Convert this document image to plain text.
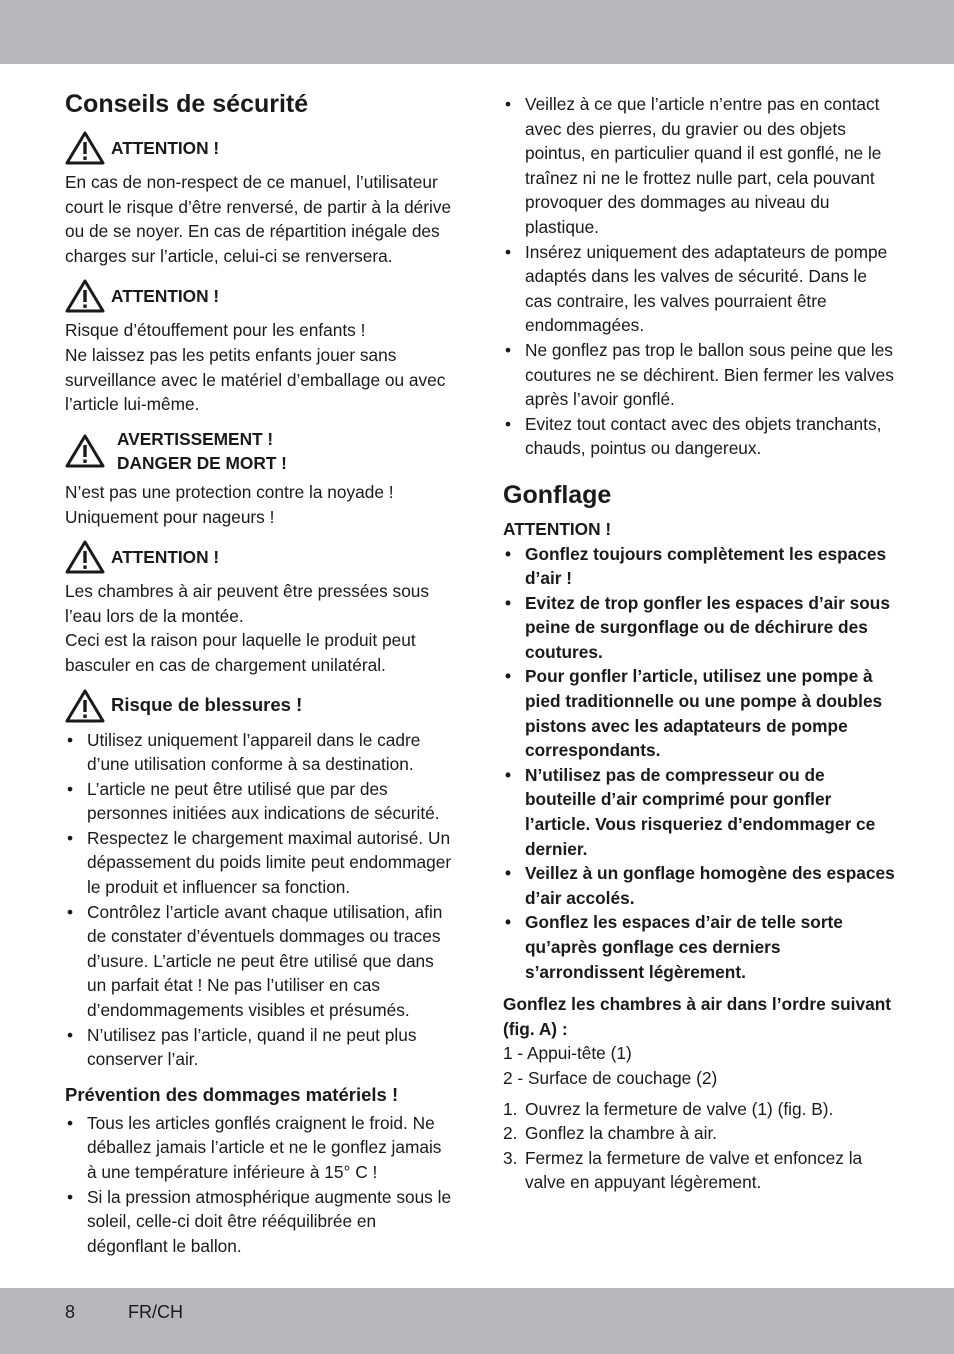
Conseils de sécurité
ATTENTION !

En cas de non-respect de ce manuel, l’utilisateur court le risque d’être renversé, de partir à la dérive ou de se noyer. En cas de répartition inégale des charges sur l’article, celui-ci se renversera.

ATTENTION !

Risque d’étouffement pour les enfants !

Ne laissez pas les petits enfants jouer sans surveillance avec le matériel d’emballage ou avec l’article lui-même.

AVERTISSEMENT !
DANGER DE MORT !

N’est pas une protection contre la noyade !

Uniquement pour nageurs !

ATTENTION !

Les chambres à air peuvent être pressées sous l’eau lors de la montée.

Ceci est la raison pour laquelle le produit peut basculer en cas de chargement unilatéral.

Risque de blessures !
• Utilisez uniquement l’appareil dans le cadre d’une utilisation conforme à sa destination.
• L’article ne peut être utilisé que par des personnes initiées aux indications de sécurité.
• Respectez le chargement maximal autorisé. Un dépassement du poids limite peut endommager le produit et influencer sa fonction.
• Contrôlez l’article avant chaque utilisation, afin de constater d’éventuels dommages ou traces d’usure. L’article ne peut être utilisé que dans un parfait état ! Ne pas l’utiliser en cas d’endommagements visibles et présumés.
• N’utilisez pas l’article, quand il ne peut plus conserver l’air.
Prévention des dommages matériels !
• Tous les articles gonflés craignent le froid. Ne déballez jamais l’article et ne le gonflez jamais à une température inférieure à 15° C !
• Si la pression atmosphérique augmente sous le soleil, celle-ci doit être rééquilibrée en dégonflant le ballon.
• Veillez à ce que l’article n’entre pas en contact avec des pierres, du gravier ou des objets pointus, en particulier quand il est gonflé, ne le traînez ni ne le frottez nulle part, cela pouvant provoquer des dommages au niveau du plastique.
• Insérez uniquement des adaptateurs de pompe adaptés dans les valves de sécurité. Dans le cas contraire, les valves pourraient être endommagées.
• Ne gonflez pas trop le ballon sous peine que les coutures ne se déchirent. Bien fermer les valves après l’avoir gonflé.
• Evitez tout contact avec des objets tranchants, chauds, pointus ou dangereux.
Gonflage

ATTENTION !

• Gonflez toujours complètement les espaces d’air !
• Evitez de trop gonfler les espaces d’air sous peine de surgonflage ou de déchirure des coutures.
• Pour gonfler l’article, utilisez une pompe à pied traditionnelle ou une pompe à doubles pistons avec les adaptateurs de pompe correspondants.
• N’utilisez pas de compresseur ou de bouteille d’air comprimé pour gonfler l’article. Vous risqueriez d’endommager ce dernier.
• Veillez à un gonflage homogène des espaces d’air accolés.
• Gonflez les espaces d’air de telle sorte qu’après gonflage ces derniers s’arrondissent légèrement.

Gonflez les chambres à air dans l’ordre suivant (fig. A) :

1 - Appui-tête (1)

2 - Surface de couchage (2)

1. Ouvrez la fermeture de valve (1) (fig. B).
2. Gonflez la chambre à air.
3. Fermez la fermeture de valve et enfoncez la valve en appuyant légèrement.
8	FR/CH
